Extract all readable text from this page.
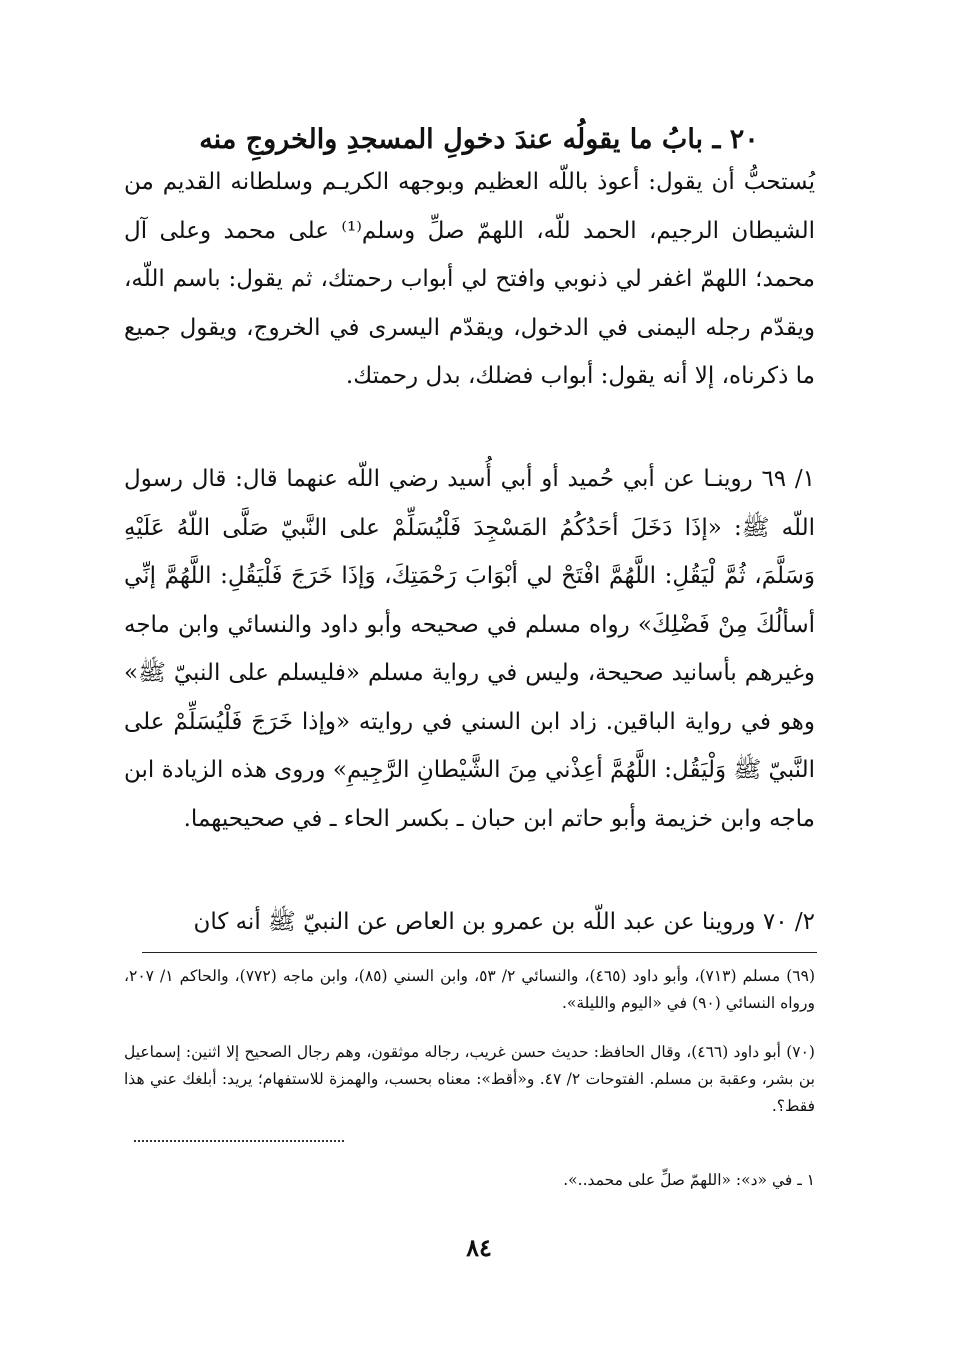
٢٠ ـ بابُ ما يقولُه عندَ دخولِ المسجدِ والخروجِ منه

يُستحبُّ أن يقول: أعوذ باللّه العظيم وبوجهه الكريـم وسلطانه القديم من الشيطان الرجيم، الحمد للّه، اللهمّ صلِّ وسلم⁽¹⁾ على محمد وعلى آل محمد؛ اللهمّ اغفر لي ذنوبي وافتح لي أبواب رحمتك، ثم يقول: باسم اللّه، ويقدّم رجله اليمنى في الدخول، ويقدّم اليسرى في الخروج، ويقول جميع ما ذكرناه، إلا أنه يقول: أبواب فضلك، بدل رحمتك.

١/ ٦٩ روينـا عن أبي حُميد أو أبي أُسيد رضي اللّه عنهما قال: قال رسول اللّه ﷺ: «إذَا دَخَلَ أحَدُكُمُ المَسْجِدَ فَلْيُسَلِّمْ على النَّبيّ صَلَّى اللّهُ عَلَيْهِ وَسَلَّمَ، ثُمَّ لْيَقُلِ: اللَّهُمَّ افْتَحْ لي أبْوَابَ رَحْمَتِكَ، وَإذَا خَرَجَ فَلْيَقُلِ: اللَّهُمَّ إنِّي أسألُكَ مِنْ فَضْلِكَ» رواه مسلم في صحيحه وأبو داود والنسائي وابن ماجه وغيرهم بأسانيد صحيحة، وليس في رواية مسلم «فليسلم على النبيّ ﷺ» وهو في رواية الباقين. زاد ابن السني في روايته «وإذا خَرَجَ فَلْيُسَلِّمْ على النَّبيّ ﷺ وَلْيَقُل: اللَّهُمَّ أعِذْني مِنَ الشَّيْطانِ الرَّجِيمِ» وروى هذه الزيادة ابن ماجه وابن خزيمة وأبو حاتم ابن حبان ـ بكسر الحاء ـ في صحيحيهما.

٢/ ٧٠ وروينا عن عبد اللّه بن عمرو بن العاص عن النبيّ ﷺ أنه كان

(٦٩) مسلم (٧١٣)، وأبو داود (٤٦٥)، والنسائي ٢/ ٥٣، وابن السني (٨٥)، وابن ماجه (٧٧٢)، والحاكم ١/ ٢٠٧، ورواه النسائي (٩٠) في «اليوم والليلة».

(٧٠) أبو داود (٤٦٦)، وقال الحافظ: حديث حسن غريب، رجاله موثقون، وهم رجال الصحيح إلا اثنين: إسماعيل بن بشر، وعقبة بن مسلم. الفتوحات ٢/ ٤٧. و«أقط»: معناه بحسب، والهمزة للاستفهام؛ يريد: أبلغك عني هذا فقط؟.

١ ـ في «د»: «اللهمّ صلِّ على محمد..».

٨٤
